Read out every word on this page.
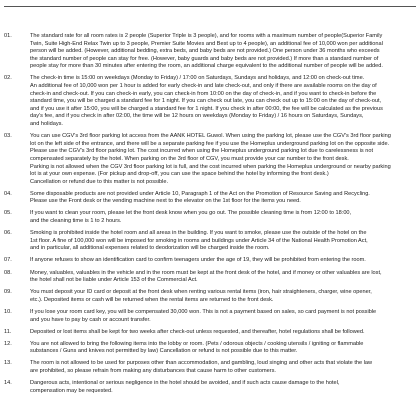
01.	The standard rate for all room rates is 2 people (Superior Triple is 3 people), and for rooms with a maximum number of people(Superior Family
Twin, Suite High-End Relax Twin up to 3 people, Premier Suite Movies and Best up to 4 people), an additional fee of 10,000 won per additional
person will be added. (However, additional bedding, extra beds, and baby beds are not provided.) One person under 36 months who exceeds
the standard number of people can stay for free. (However, baby guards and baby beds are not provided.) If more than a standard number of
people stay for more than 30 minutes after entering the room, an additional charge equivalent to the additional number of people will be added.
02.	The check-in time is 15:00 on weekdays (Monday to Friday) / 17:00 on Saturdays, Sundays and holidays, and 12:00 on check-out time.
An additional fee of 10,000 won per 1 hour is added for early check-in and late check-out, and only if there are available rooms on the day of
check-in and check-out. If you can check-in early, you can check-in from 10:00 on the day of check-in, and if you want to check-in before the
standard time, you will be charged a standard fee for 1 night. If you can check out late, you can check out up to 15:00 on the day of check-out,
and if you use it after 15:00, you will be charged a standard fee for 1 night. If you check in after 00:00, the fee will be calculated as the previous
day's fee, and if you check in after 02:00, the time will be 12 hours on weekdays (Monday to Friday) / 16 hours on Saturdays, Sundays,
and holidays.
03.	You can use CGV's 3rd floor parking lot access from the AANK HOTEL Guwol. When using the parking lot, please use the CGV's 3rd floor parking
lot on the left side of the entrance, and there will be a separate parking fee if you use the Homeplus underground parking lot on the opposite side.
Please use the CGV's 3rd floor parking lot. The cost incurred when using the Homeplus underground parking lot due to carelessness is not
compensated separately by the hotel. When parking on the 3rd floor of CGV, you must provide your car number to the front desk.
Parking is not allowed when the CGV 3rd floor parking lot is full, and the cost incurred when parking the Homeplus underground or nearby parking
lot is at your own expense. (For pickup and drop-off, you can use the space behind the hotel by informing the front desk.)
Cancellation or refund due to this matter is not possible.
04.	Some disposable products are not provided under Article 10, Paragraph 1 of the Act on the Promotion of Resource Saving and Recycling.
Please use the Front desk or the vending machine next to the elevator on the 1st floor for the items you need.
05.	If you want to clean your room, please let the front desk know when you go out. The possible cleaning time is from 12:00 to 18:00,
and the cleaning time is 1 to 2 hours.
06.	Smoking is prohibited inside the hotel room and all areas in the building. If you want to smoke, please use the outside of the hotel on the
1st floor. A fine of 100,000 won will be imposed for smoking in rooms and buildings under Article 34 of the National Health Promotion Act,
and in particular, all additional expenses related to deodorization will be charged inside the room.
07.	If anyone refuses to show an identification card to confirm teenagers under the age of 19, they will be prohibited from entering the room.
08.	Money, valuables, valuables in the vehicle and in the room must be kept at the front desk of the hotel, and if money or other valuables are lost,
the hotel shall not be liable under Article 153 of the Commercial Act.
09.	You must deposit your ID card or deposit at the front desk when renting various rental items (iron, hair straighteners, charger, wine opener,
etc.). Deposited items or cash will be returned when the rental items are returned to the front desk.
10.	If you lose your room card key, you will be compensated 30,000 won. This is not a payment based on sales, so card payment is not possible
and you have to pay by cash or account transfer.
11.	Deposited or lost items shall be kept for two weeks after check-out unless requested, and thereafter, hotel regulations shall be followed.
12.	You are not allowed to bring the following items into the lobby or room. (Pets / odorous objects / cooking utensils / igniting or flammable
substances / Guns and knives not permitted by law) Cancellation or refund is not possible due to this matter.
13.	The room is not allowed to be used for purposes other than accommodation, and gambling, loud singing and other acts that violate the law
are prohibited, so please refrain from making any disturbances that cause harm to other customers.
14.	Dangerous acts, intentional or serious negligence in the hotel should be avoided, and if such acts cause damage to the hotel,
compensation may be requested.
